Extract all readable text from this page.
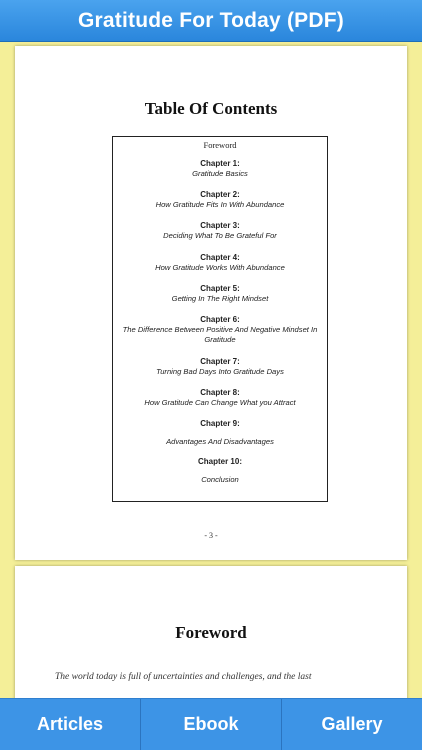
Gratitude For Today (PDF)
Table Of Contents
Foreword
Chapter 1:
Gratitude Basics
Chapter 2:
How Gratitude Fits In With Abundance
Chapter 3:
Deciding What To Be Grateful For
Chapter 4:
How Gratitude Works With Abundance
Chapter 5:
Getting In The Right Mindset
Chapter 6:
The Difference Between Positive And Negative Mindset In Gratitude
Chapter 7:
Turning Bad Days Into Gratitude Days
Chapter 8:
How Gratitude Can Change What you Attract
Chapter 9:
Advantages And Disadvantages
Chapter 10:
Conclusion
- 3 -
Foreword
The world today is full of uncertainties and challenges, and the last
Articles	Ebook	Gallery
